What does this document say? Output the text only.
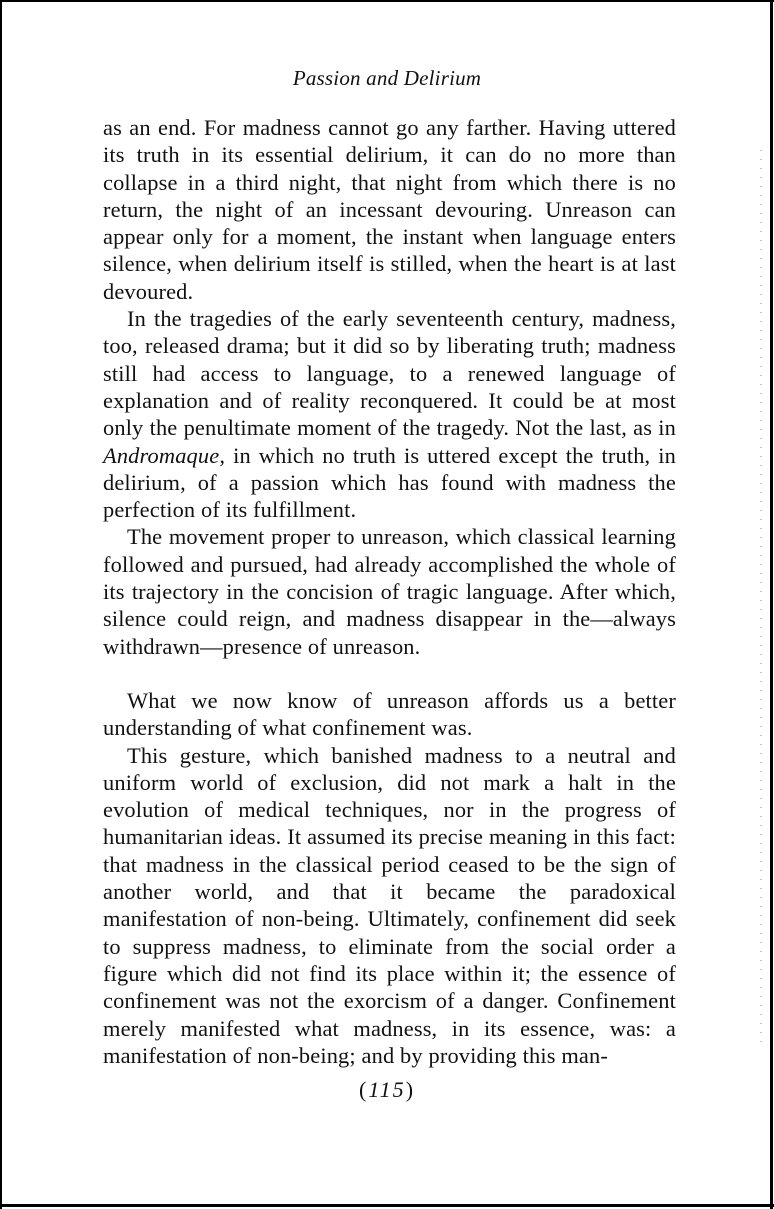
Passion and Delirium

as an end. For madness cannot go any farther. Having uttered its truth in its essential delirium, it can do no more than collapse in a third night, that night from which there is no return, the night of an incessant devouring. Unreason can appear only for a moment, the instant when language enters silence, when delirium itself is stilled, when the heart is at last devoured.

In the tragedies of the early seventeenth century, madness, too, released drama; but it did so by liberating truth; madness still had access to language, to a renewed language of explanation and of reality reconquered. It could be at most only the penultimate moment of the tragedy. Not the last, as in Andromaque, in which no truth is uttered except the truth, in delirium, of a passion which has found with madness the perfection of its fulfillment.

The movement proper to unreason, which classical learning followed and pursued, had already accomplished the whole of its trajectory in the concision of tragic language. After which, silence could reign, and madness disappear in the—always withdrawn—presence of unreason.

What we now know of unreason affords us a better understanding of what confinement was.

This gesture, which banished madness to a neutral and uniform world of exclusion, did not mark a halt in the evolution of medical techniques, nor in the progress of humanitarian ideas. It assumed its precise meaning in this fact: that madness in the classical period ceased to be the sign of another world, and that it became the paradoxical manifestation of non-being. Ultimately, confinement did seek to suppress madness, to eliminate from the social order a figure which did not find its place within it; the essence of confinement was not the exorcism of a danger. Confinement merely manifested what madness, in its essence, was: a manifestation of non-being; and by providing this man-

(115)
